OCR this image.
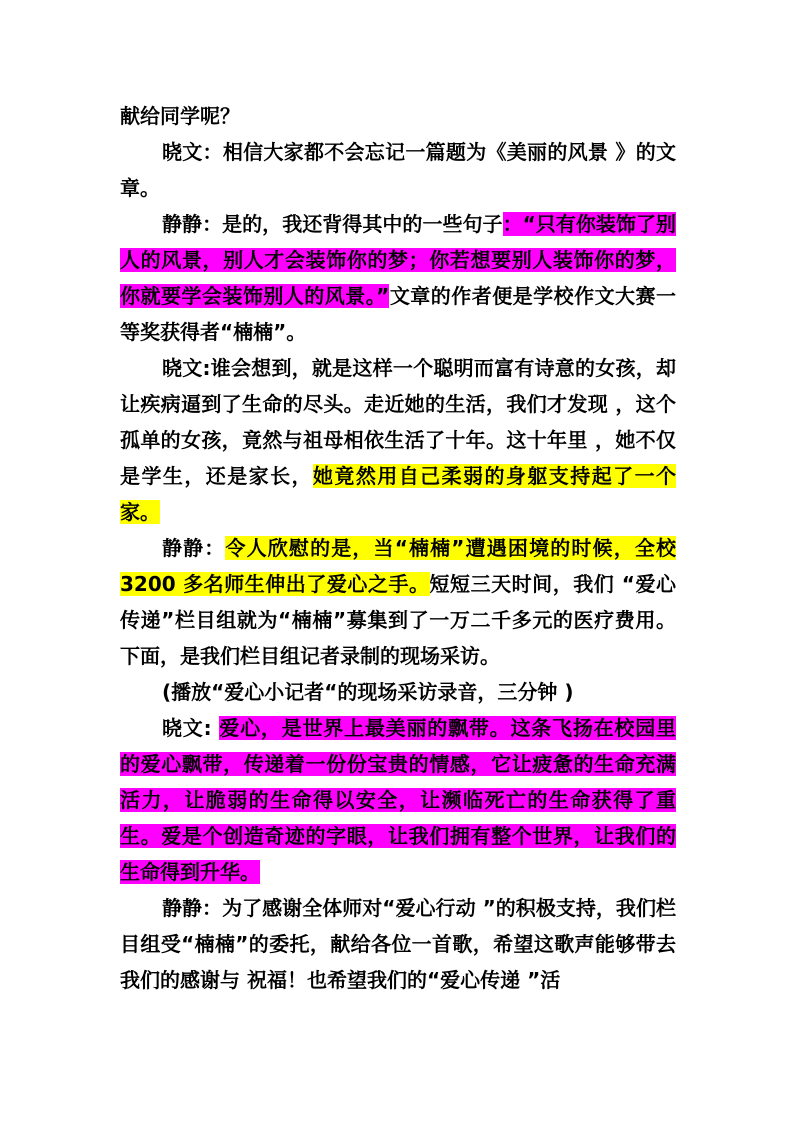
献给同学呢？

晓文：相信大家都不会忘记一篇题为《美丽的风景 》的文章。

静静：是的，我还背得其中的一些句子：“只有你装饰了别人的风景，别人才会装饰你的梦；你若想要别人装饰你的梦，你就要学会装饰别人的风景。”文章的作者便是学校作文大赛一等奖获得者“楠楠”。

晓文:谁会想到，就是这样一个聪明而富有诗意的女孩，却让疾病逼到了生命的尽头。走近她的生活，我们才发现 ，这个孤单的女孩，竟然与祖母相依生活了十年。这十年里 ，她不仅是学生，还是家长，她竟然用自己柔弱的身躯支持起了一个家。

静静：令人欣慰的是，当“楠楠”遭遇困境的时候，全校 3200 多名师生伸出了爱心之手。短短三天时间，我们 “爱心传递”栏目组就为“楠楠”募集到了一万二千多元的医疗费用。下面，是我们栏目组记者录制的现场采访。

(播放“爱心小记者“的现场采访录音，三分钟 )

晓文: 爱心，是世界上最美丽的飘带。这条飞扬在校园里的爱心飘带，传递着一份份宝贵的情感，它让疲惫的生命充满活力，让脆弱的生命得以安全，让濒临死亡的生命获得了重生。爱是个创造奇迹的字眼，让我们拥有整个世界，让我们的生命得到升华。

静静：为了感谢全体师对“爱心行动 ”的积极支持，我们栏目组受“楠楠”的委托，献给各位一首歌，希望这歌声能够带去我们的感谢与 祝福！也希望我们的“爱心传递 ”活
